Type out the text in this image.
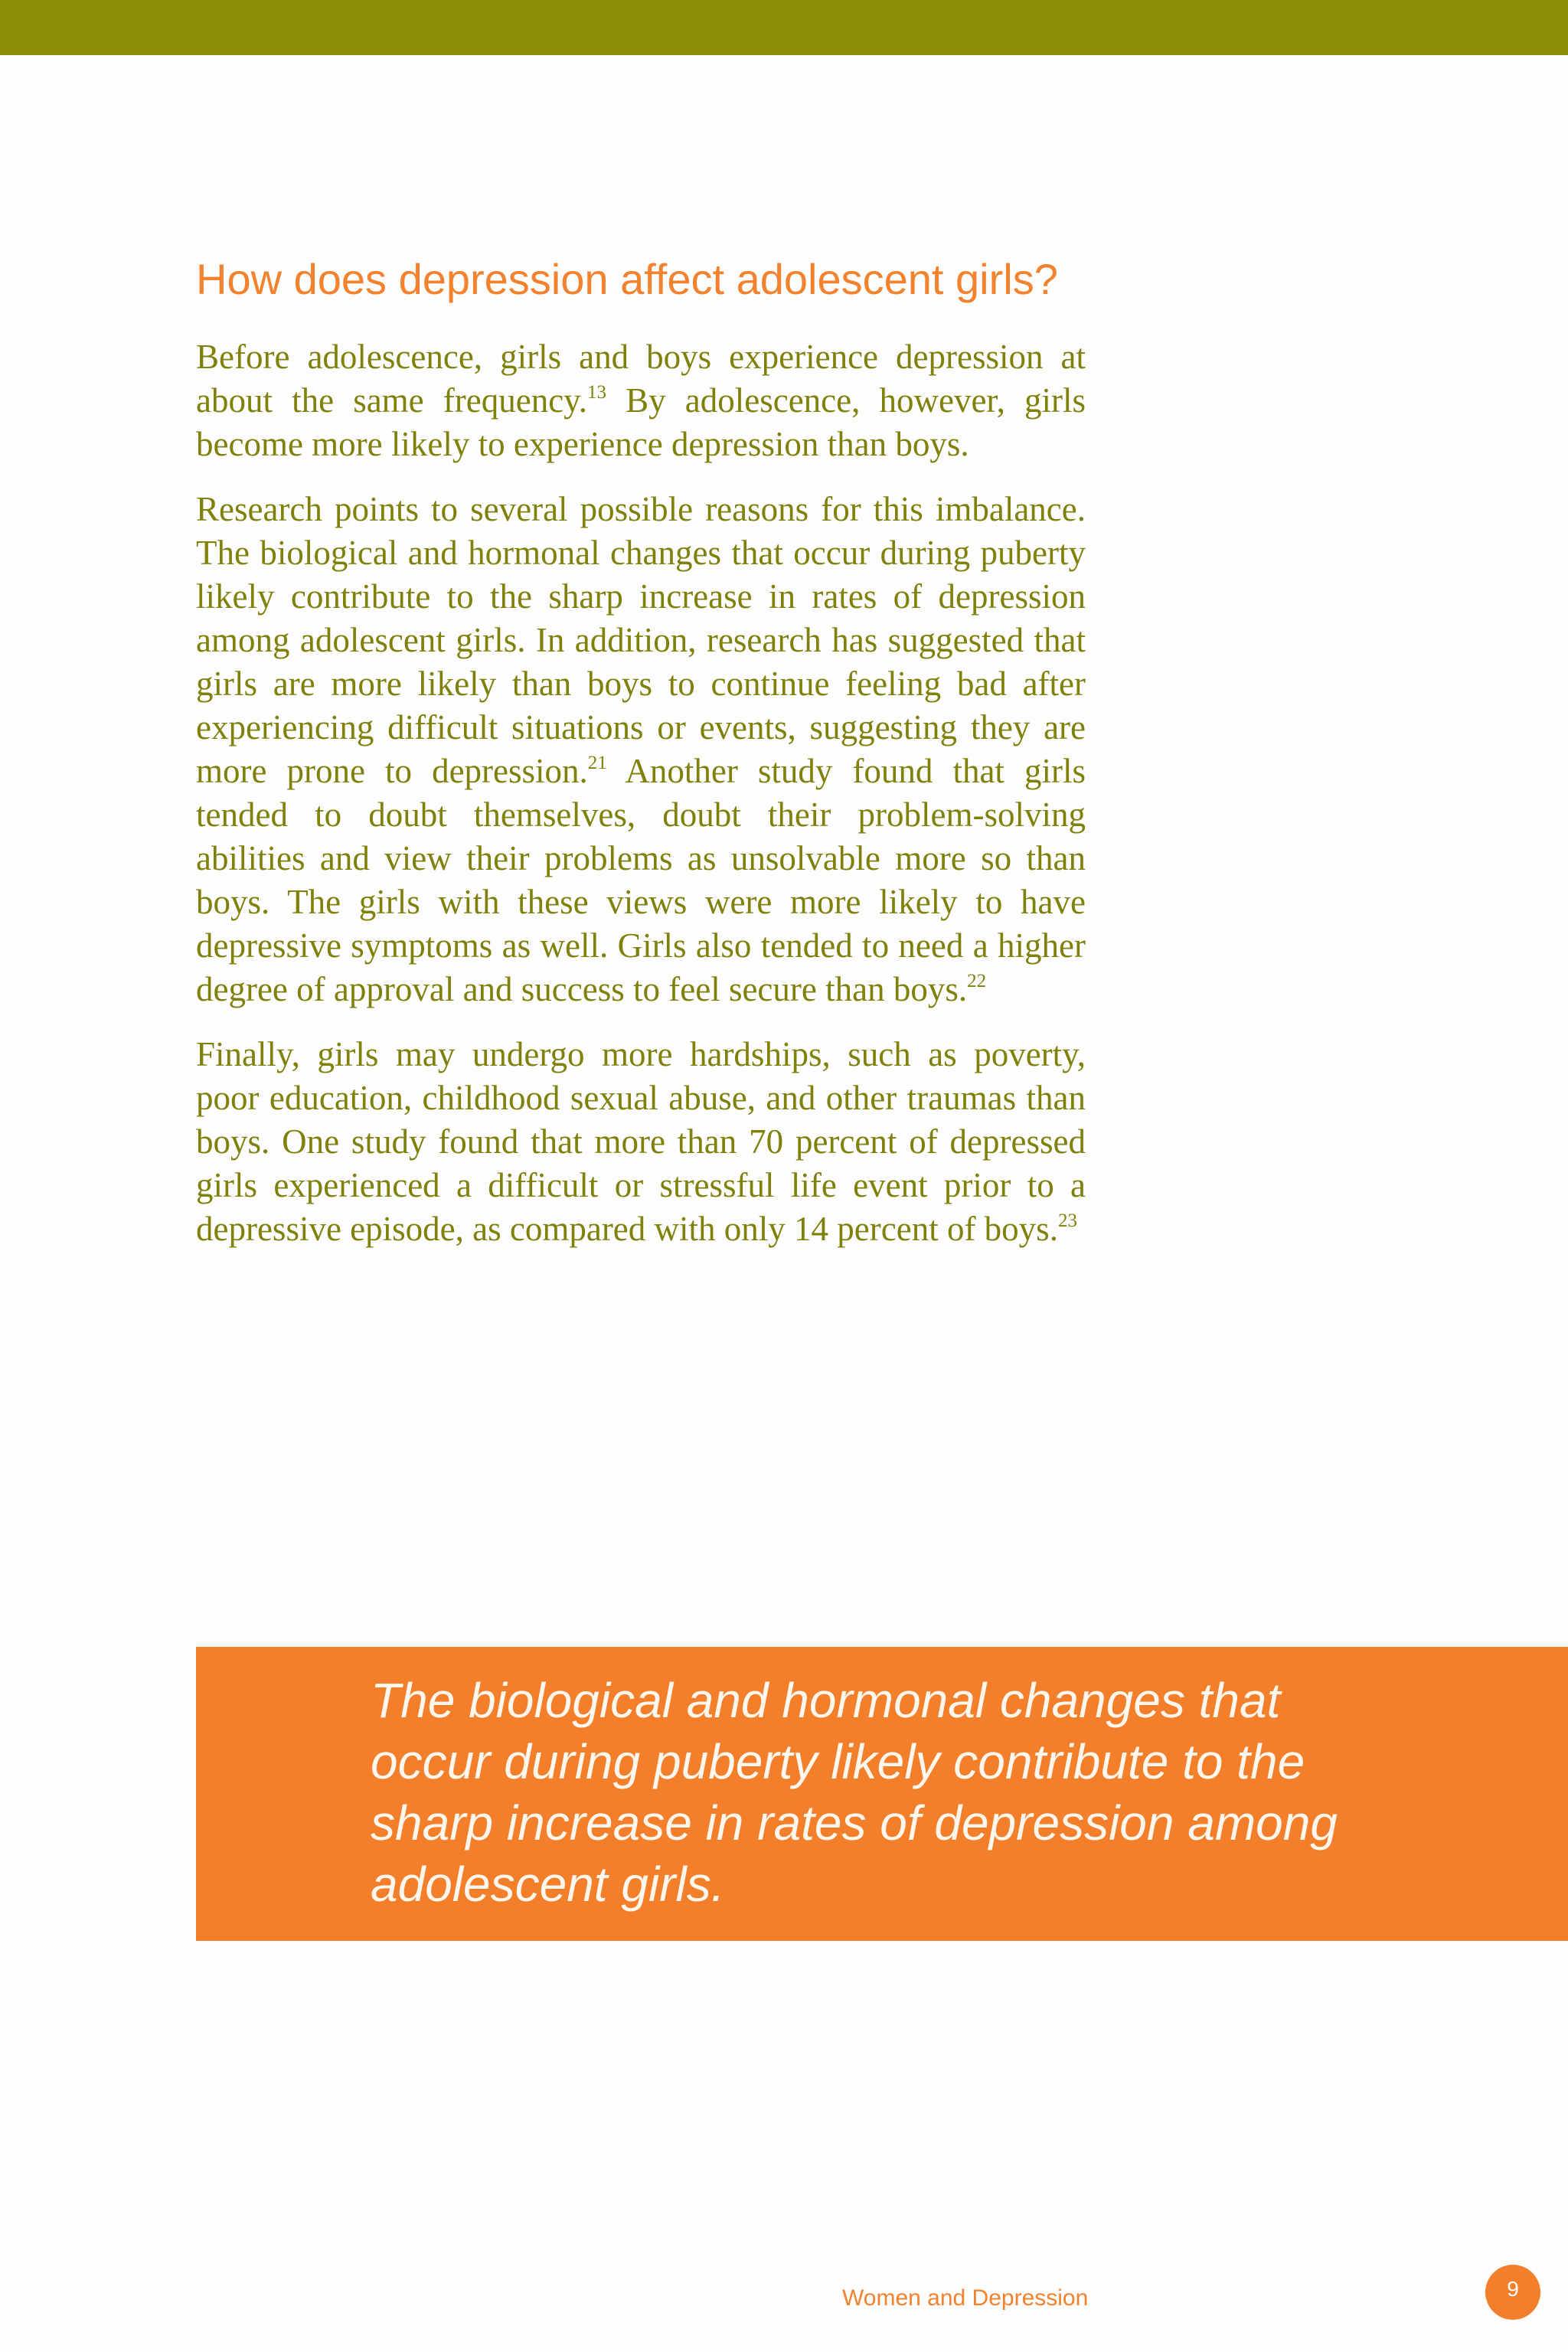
How does depression affect adolescent girls?

Before adolescence, girls and boys experience depression at about the same frequency.$^{13}$ By adolescence, however, girls become more likely to experience depression than boys.

Research points to several possible reasons for this imbalance. The biological and hormonal changes that occur during puberty likely contribute to the sharp increase in rates of depression among adolescent girls. In addition, research has suggested that girls are more likely than boys to continue feeling bad after experiencing difficult situations or events, suggesting they are more prone to depression.$^{21}$ Another study found that girls tended to doubt themselves, doubt their problem-solving abilities and view their problems as unsolvable more so than boys. The girls with these views were more likely to have depressive symptoms as well. Girls also tended to need a higher degree of approval and success to feel secure than boys.$^{22}$

Finally, girls may undergo more hardships, such as poverty, poor education, childhood sexual abuse, and other traumas than boys. One study found that more than 70 percent of depressed girls experienced a difficult or stressful life event prior to a depressive episode, as compared with only 14 percent of boys.$^{23}$

The biological and hormonal changes that occur during puberty likely contribute to the sharp increase in rates of depression among adolescent girls.

Women and Depression	9
